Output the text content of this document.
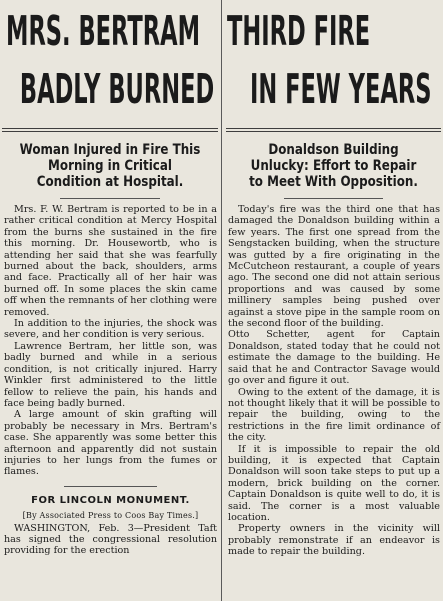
MRS. BERTRAM
BADLY BURNED
Woman Injured in Fire This Morning in Critical Condition at Hospital.

Mrs. F. W. Bertram is reported to be in a rather critical condition at Mercy Hospital from the burns she sustained in the fire this morning. Dr. Housewortb, who is attending her said that she was fearfully burned about the back, shoulders, arms and face. Practically all of her hair was burned off. In some places the skin came off when the remnants of her clothing were removed.

In addition to the injuries, the shock was severe, and her condition is very serious.

Lawrence Bertram, her little son, was badly burned and while in a serious condition, is not critically injured. Harry Winkler first administered to the little fellow to relieve the pain, his hands and face being badly burned.

A large amount of skin grafting will probably be necessary in Mrs. Bertram's case. She apparently was some better this afternoon and apparently did not sustain injuries to her lungs from the fumes or flames.

FOR LINCOLN MONUMENT.
[By Associated Press to Coos Bay Times.]

WASHINGTON, Feb. 3—President Taft has signed the congressional resolution providing for the erection

THIRD FIRE
IN FEW YEARS
Donaldson Building Unlucky: Effort to Repair to Meet With Opposition.

Today's fire was the third one that has damaged the Donaldson building within a few years. The first one spread from the Sengstacken building, when the structure was gutted by a fire originating in the McCutcheon restaurant, a couple of years ago. The second one did not attain serious proportions and was caused by some millinery samples being pushed over against a stove pipe in the sample room on the second floor of the building.

Otto Schetter, agent for Captain Donaldson, stated today that he could not estimate the damage to the building. He said that he and Contractor Savage would go over and figure it out.

Owing to the extent of the damage, it is not thought likely that it will be possible to repair the building, owing to the restrictions in the fire limit ordinance of the city.

If it is impossible to repair the old building, it is expected that Captain Donaldson will soon take steps to put up a modern, brick building on the corner. Captain Donaldson is quite well to do, it is said. The corner is a most valuable location.

Property owners in the vicinity will probably remonstrate if an endeavor is made to repair the building.
